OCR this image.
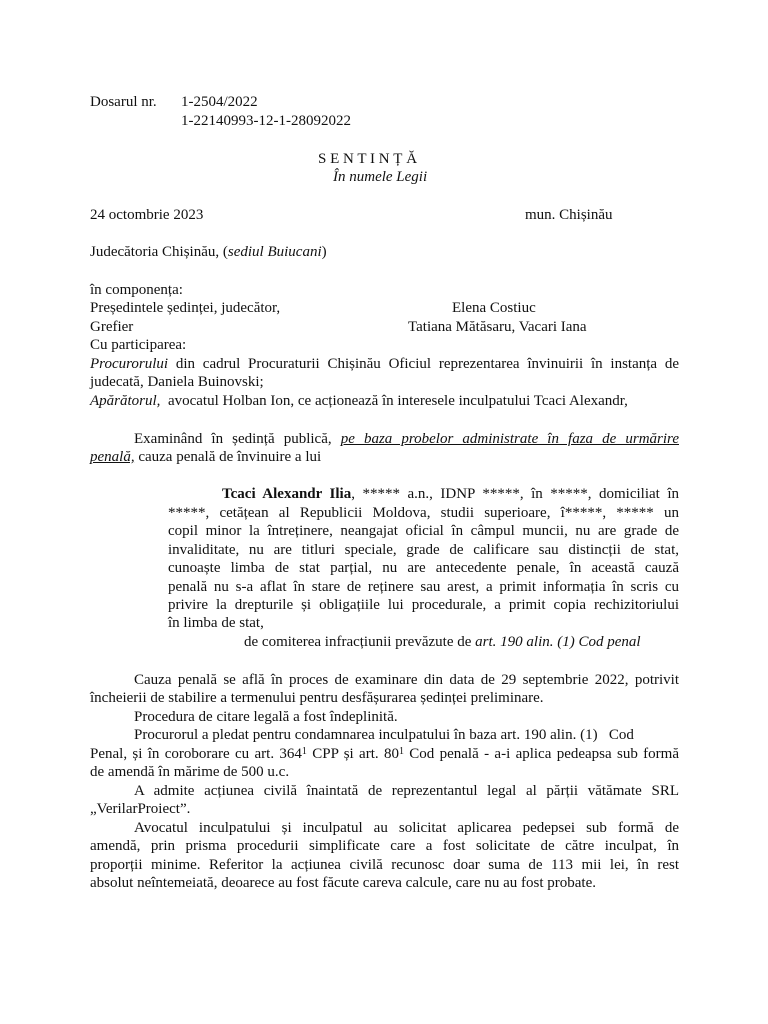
Dosarul nr. 1-2504/2022
1-22140993-12-1-28092022
S E N T I N Ț Ă
În numele Legii
24 octombrie 2023	mun. Chișinău
Judecătoria Chișinău, (sediul Buiucani)
în componența:
Președintele ședinței, judecător,	Elena Costiuc
Grefier	Tatiana Mătăsaru, Vacari Iana
Cu participarea:
Procurorului din cadrul Procuraturii Chișinău Oficiul reprezentarea învinuirii în instanța de
judecată, Daniela Buinovski;
Apărătorul,  avocatul Holban Ion, ce acționează în interesele inculpatului Tcaci Alexandr,
Examinând în ședință publică, pe baza probelor administrate în faza de urmărire
penală, cauza penală de învinuire a lui
Tcaci Alexandr Ilia, ***** a.n., IDNP *****, în *****, domiciliat în
*****, cetățean al Republicii Moldova, studii superioare, î*****, ***** un
copil minor la întreținere, neangajat oficial în câmpul muncii, nu are grade de
invaliditate, nu are titluri speciale, grade de calificare sau distincții de stat,
cunoaște limba de stat parțial, nu are antecedente penale, în această cauză
penală nu s-a aflat în stare de reținere sau arest, a primit informația în scris cu
privire la drepturile și obligațiile lui procedurale, a primit copia rechizitoriului
în limba de stat,
de comiterea infracțiunii prevăzute de art. 190 alin. (1) Cod penal
Cauza penală se află în proces de examinare din data de 29 septembrie 2022, potrivit
încheierii de stabilire a termenului pentru desfășurarea ședinței preliminare.
Procedura de citare legală a fost îndeplinită.
Procurorul a pledat pentru condamnarea inculpatului în baza art. 190 alin. (1)   Cod
Penal, și în coroborare cu art. $364^1$ CPP și art. $80^1$ Cod penală - a-i aplica pedeapsa sub formă
de amendă în mărime de 500 u.c.
A admite acțiunea civilă înaintată de reprezentantul legal al părții vătămate SRL
„VerilarProiect”.
Avocatul inculpatului și inculpatul au solicitat aplicarea pedepsei sub formă de
amendă, prin prisma procedurii simplificate care a fost solicitate de către inculpat, în
proporții minime. Referitor la acțiunea civilă recunosc doar suma de 113 mii lei, în rest
absolut neîntemeiată, deoarece au fost făcute careva calcule, care nu au fost probate.
